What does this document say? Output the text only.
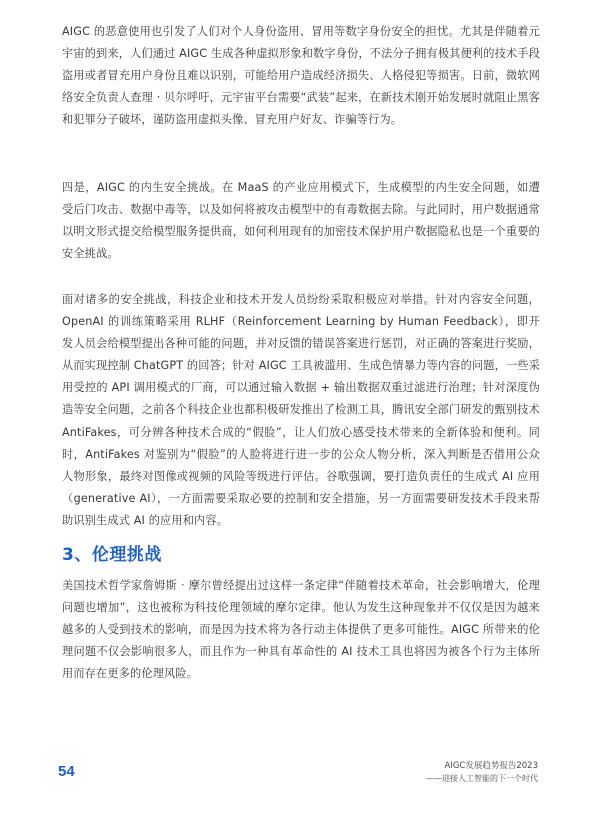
AIGC 的恶意使用也引发了人们对个人身份盗用、冒用等数字身份安全的担忧。尤其是伴随着元宇宙的到来，人们通过 AIGC 生成各种虚拟形象和数字身份，不法分子拥有极其便利的技术手段盗用或者冒充用户身份且难以识别，可能给用户造成经济损失、人格侵犯等损害。日前，微软网络安全负责人查理 · 贝尔呼吁，元宇宙平台需要“武装”起来，在新技术刚开始发展时就阻止黑客和犯罪分子破坏，谨防盗用虚拟头像、冒充用户好友、诈骗等行为。

四是，AIGC 的内生安全挑战。在 MaaS 的产业应用模式下，生成模型的内生安全问题，如遭受后门攻击、数据中毒等，以及如何将被攻击模型中的有毒数据去除。与此同时，用户数据通常以明文形式提交给模型服务提供商，如何利用现有的加密技术保护用户数据隐私也是一个重要的安全挑战。

面对诸多的安全挑战，科技企业和技术开发人员纷纷采取积极应对举措。针对内容安全问题，OpenAI 的训练策略采用 RLHF（Reinforcement Learning by Human Feedback），即开发人员会给模型提出各种可能的问题，并对反馈的错误答案进行惩罚，对正确的答案进行奖励，从而实现控制 ChatGPT 的回答；针对 AIGC 工具被滥用、生成色情暴力等内容的问题，一些采用受控的 API 调用模式的厂商，可以通过输入数据 + 输出数据双重过滤进行治理；针对深度伪造等安全问题，之前各个科技企业也都积极研发推出了检测工具，腾讯安全部门研发的甄别技术 AntiFakes，可分辨各种技术合成的“假脸”，让人们放心感受技术带来的全新体验和便利。同时，AntiFakes 对鉴别为“假脸”的人脸将进行进一步的公众人物分析，深入判断是否借用公众人物形象，最终对图像或视频的风险等级进行评估。谷歌强调，要打造负责任的生成式 AI 应用（generative AI），一方面需要采取必要的控制和安全措施，另一方面需要研发技术手段来帮助识别生成式 AI 的应用和内容。

3、伦理挑战

美国技术哲学家詹姆斯 · 摩尔曾经提出过这样一条定律“伴随着技术革命，社会影响增大，伦理问题也增加”，这也被称为科技伦理领域的摩尔定律。他认为发生这种现象并不仅仅是因为越来越多的人受到技术的影响，而是因为技术将为各行动主体提供了更多可能性。AIGC 所带来的伦理问题不仅会影响很多人，而且作为一种具有革命性的 AI 技术工具也将因为被各个行为主体所用而存在更多的伦理风险。

54	AIGC发展趋势报告2023
——迎接人工智能的下一个时代
